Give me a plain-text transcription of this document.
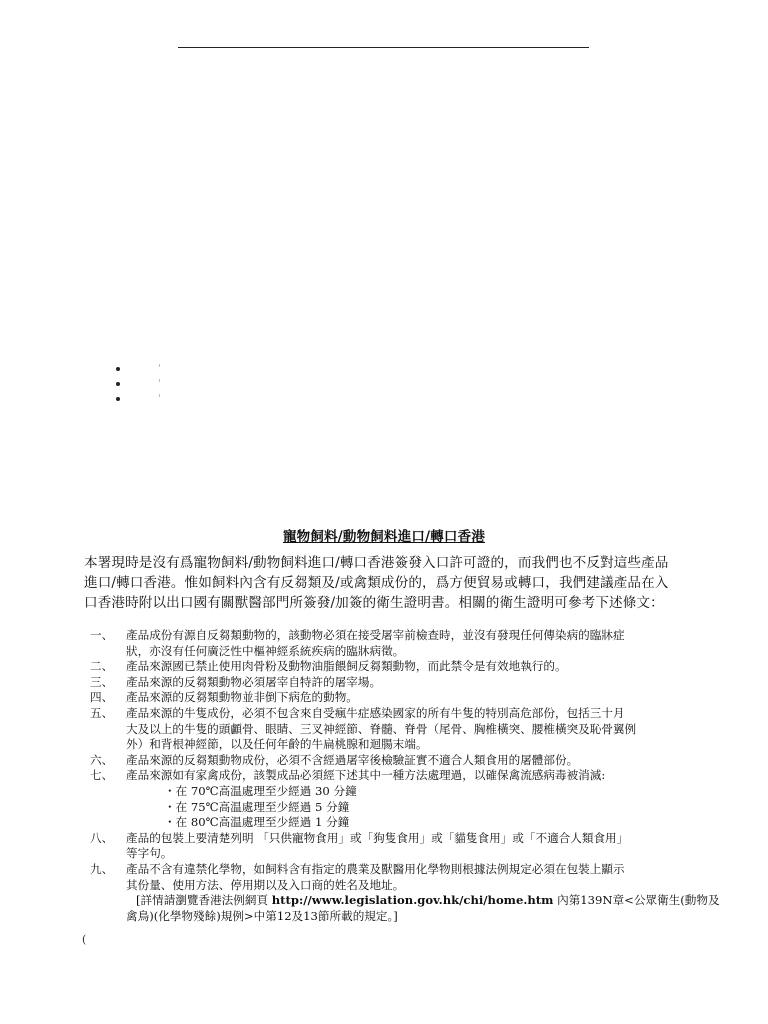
寵物飼料/動物飼料進口/轉口香港
本署現時是沒有爲寵物飼料/動物飼料進口/轉口香港簽發入口許可證的，而我們也不反對這些產品
進口/轉口香港。惟如飼料內含有反芻類及/或禽類成份的，爲方便貿易或轉口，我們建議產品在入
口香港時附以出口國有關獸醫部門所簽發/加簽的衛生證明書。相關的衛生證明可參考下述條文：
一、 產品成份有源自反芻類動物的，該動物必須在接受屠宰前檢查時，並沒有發現任何傳染病的臨牀症
狀，亦沒有任何廣泛性中樞神經系統疾病的臨牀病徵。
二、 產品來源國已禁止使用肉骨粉及動物油脂餵飼反芻類動物，而此禁令是有效地執行的。
三、 產品來源的反芻類動物必須屠宰自特許的屠宰場。
四、 產品來源的反芻類動物並非倒下病危的動物。
五、 產品來源的牛隻成份，必須不包含來自受瘋牛症感染國家的所有牛隻的特別高危部份，包括三十月
大及以上的牛隻的頭顱骨、眼睛、三叉神經節、脊髓、脊骨（尾骨、胸椎橫突、腰椎橫突及恥骨翼例
外）和背根神經節，以及任何年齡的牛扁桃腺和迴腸末端。
六、 產品來源的反芻類動物成份，必須不含經過屠宰後檢驗証實不適合人類食用的屠體部份。
七、 產品來源如有家禽成份，該製成品必須經下述其中一種方法處理過，以確保禽流感病毒被消滅:
・在 70℃高温處理至少經過 30 分鐘
・在 75℃高温處理至少經過 5 分鐘
・在 80℃高温處理至少經過 1 分鐘
八、 產品的包裝上要清楚列明 「只供寵物食用」或「狗隻食用」或「貓隻食用」或「不適合人類食用」
等字句。
九、 產品不含有違禁化學物，如飼料含有指定的農業及獸醫用化學物則根據法例規定必須在包裝上顯示
其份量、使用方法、停用期以及入口商的姓名及地址。
[詳情請瀏覽香港法例網頁 http://www.legislation.gov.hk/chi/home.htm 內第139N章<公眾衛生(動物及
禽鳥)(化學物殘餘)規例>中第12及13節所載的規定。]
(
